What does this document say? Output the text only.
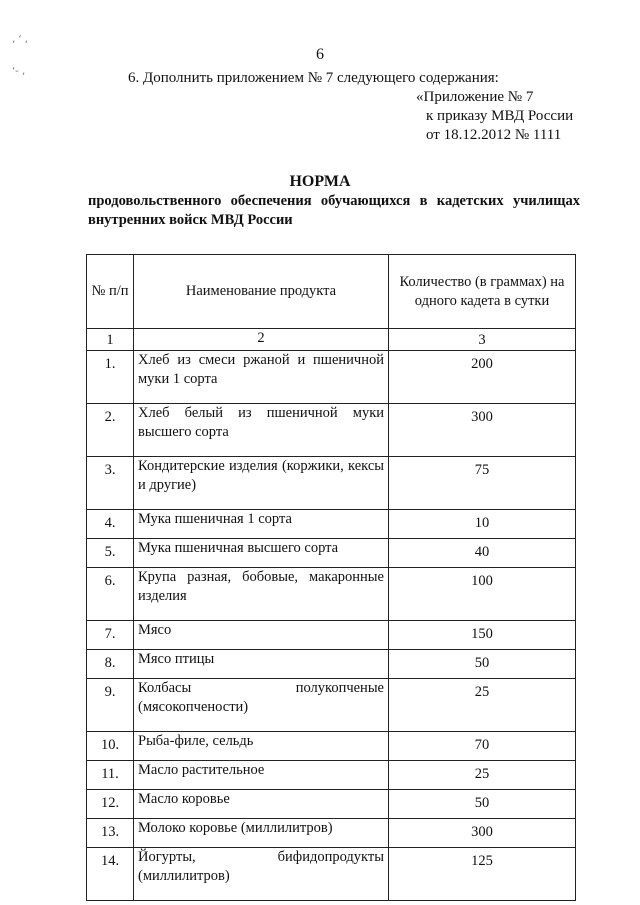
, ‘ ,
‘- ,
6
6. Дополнить приложением № 7 следующего содержания:
«Приложение № 7
к приказу МВД России
от 18.12.2012 № 1111
НОРМА
продовольственного обеспечения обучающихся в кадетских училищах внутренних войск МВД России
№ п/п	Наименование продукта	Количество (в граммах) на одного кадета в сутки
1	2	3
1.	Хлеб из смеси ржаной и пшеничной муки 1 сорта	200
2.	Хлеб белый из пшеничной муки высшего сорта	300
3.	Кондитерские изделия (коржики, кексы и другие)	75
4.	Мука пшеничная 1 сорта	10
5.	Мука пшеничная высшего сорта	40
6.	Крупа разная, бобовые, макаронные изделия	100
7.	Мясо	150
8.	Мясо птицы	50
9.	Колбасы полукопченые (мясокопчености)	25
10.	Рыба-филе, сельдь	70
11.	Масло растительное	25
12.	Масло коровье	50
13.	Молоко коровье (миллилитров)	300
14.	Йогурты, бифидопродукты (миллилитров)	125
